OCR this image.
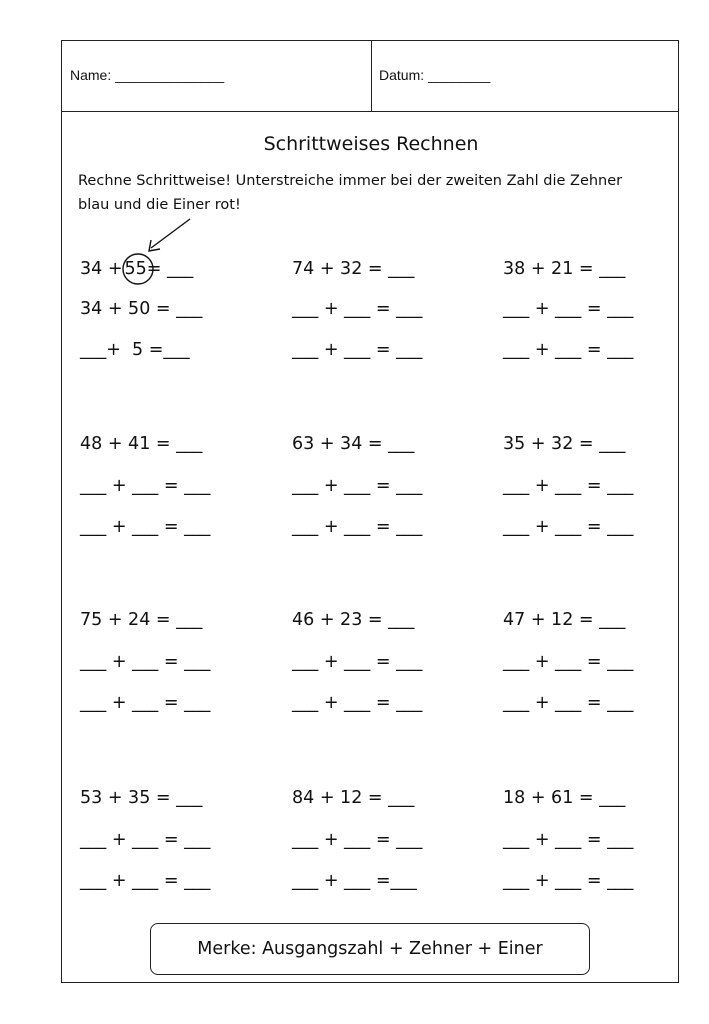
Name: ______________	Datum: ________
Schrittweises Rechnen
Rechne Schrittweise! Unterstreiche immer bei der zweiten Zahl die Zehner blau und die Einer rot!
34 + 55= ___
34 + 50 = ___
___+  5 =___
74 + 32 = ___
___ + ___ = ___
___ + ___ = ___
38 + 21 = ___
___ + ___ = ___
___ + ___ = ___
48 + 41 = ___
___ + ___ = ___
___ + ___ = ___
63 + 34 = ___
___ + ___ = ___
___ + ___ = ___
35 + 32 = ___
___ + ___ = ___
___ + ___ = ___
75 + 24 = ___
___ + ___ = ___
___ + ___ = ___
46 + 23 = ___
___ + ___ = ___
___ + ___ = ___
47 + 12 = ___
___ + ___ = ___
___ + ___ = ___
53 + 35 = ___
___ + ___ = ___
___ + ___ = ___
84 + 12 = ___
___ + ___ = ___
___ + ___ =___
18 + 61 = ___
___ + ___ = ___
___ + ___ = ___
Merke: Ausgangszahl + Zehner + Einer
